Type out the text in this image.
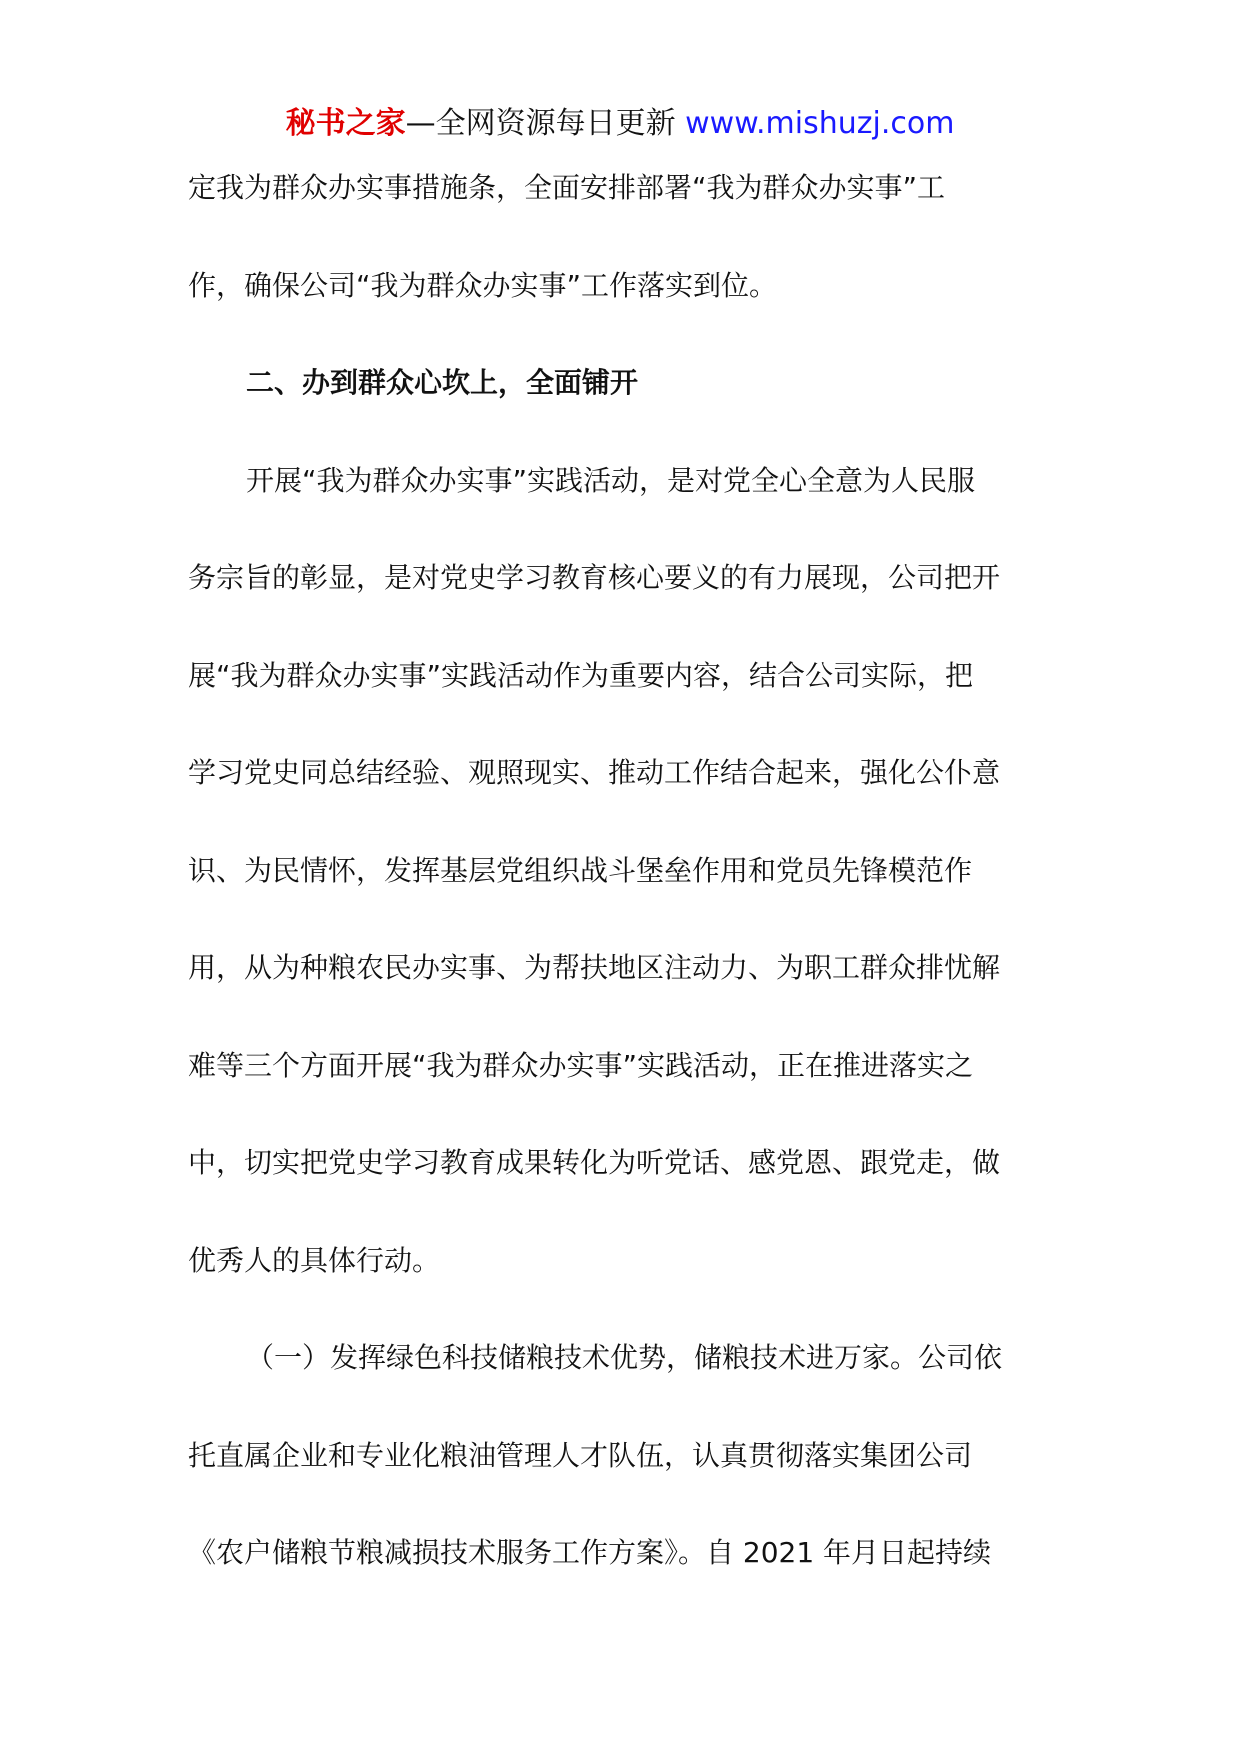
秘书之家—全网资源每日更新 www.mishuzj.com
定我为群众办实事措施条，全面安排部署“我为群众办实事”工
作，确保公司“我为群众办实事”工作落实到位。
二、办到群众心坎上，全面铺开
开展“我为群众办实事”实践活动，是对党全心全意为人民服
务宗旨的彰显，是对党史学习教育核心要义的有力展现，公司把开
展“我为群众办实事”实践活动作为重要内容，结合公司实际，把
学习党史同总结经验、观照现实、推动工作结合起来，强化公仆意
识、为民情怀，发挥基层党组织战斗堡垒作用和党员先锋模范作
用，从为种粮农民办实事、为帮扶地区注动力、为职工群众排忧解
难等三个方面开展“我为群众办实事”实践活动，正在推进落实之
中，切实把党史学习教育成果转化为听党话、感党恩、跟党走，做
优秀人的具体行动。
（一）发挥绿色科技储粮技术优势，储粮技术进万家。公司依
托直属企业和专业化粮油管理人才队伍，认真贯彻落实集团公司
《农户储粮节粮减损技术服务工作方案》。自 2021 年月日起持续
